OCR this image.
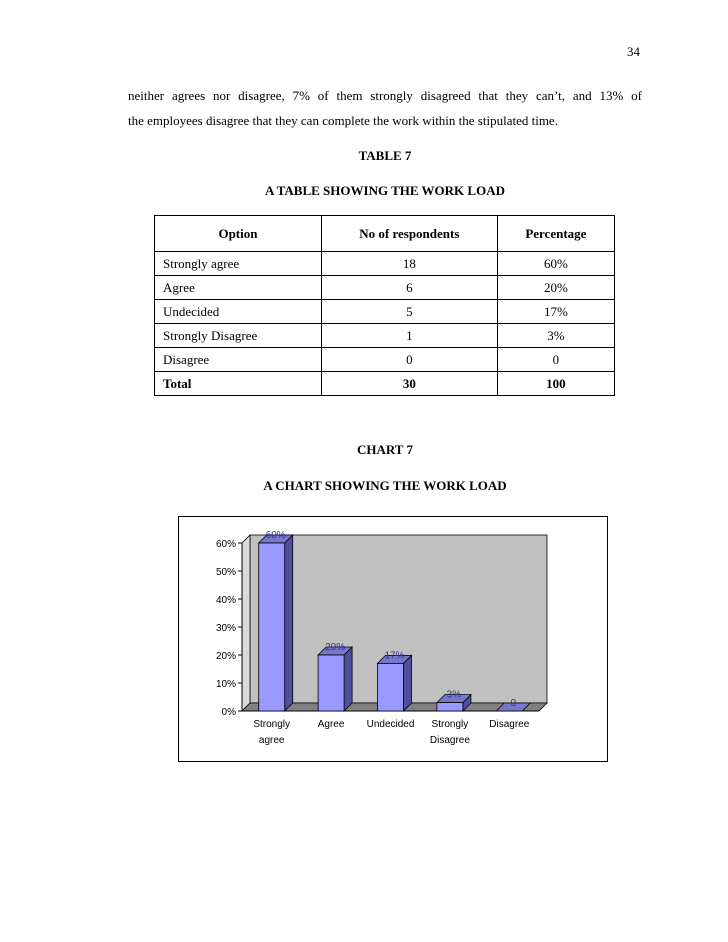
34
neither agrees nor disagree, 7% of them strongly disagreed that they can’t, and 13% of
the employees disagree that they can complete the work within the stipulated time.
TABLE 7
A TABLE SHOWING THE WORK LOAD
Option	No of respondents	Percentage
Strongly agree	18	60%
Agree	6	20%
Undecided	5	17%
Strongly Disagree	1	3%
Disagree	0	0
Total	30	100
CHART 7
A CHART SHOWING THE WORK LOAD
0%
10%
20%
30%
40%
50%
60%
60%
Strongly
agree
20%
Agree
17%
Undecided
3%
Strongly
Disagree
0
Disagree
